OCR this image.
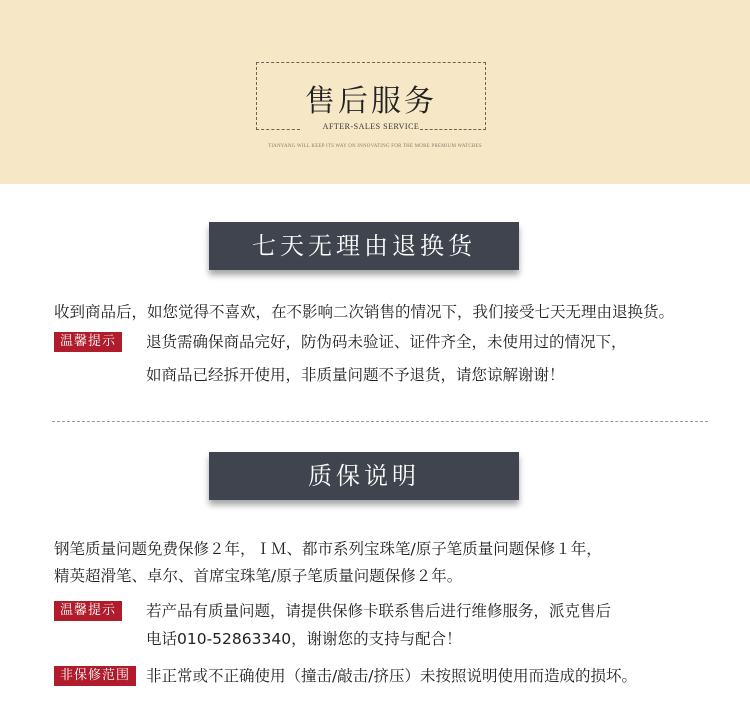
售后服务
AFTER-SALES SERVICE
TIANYANG WILL KEEP ITS WAY ON INNOVATING FOR THE MORE PREMIUM WATCHES
七天无理由退换货
收到商品后，如您觉得不喜欢，在不影响二次销售的情况下，我们接受七天无理由退换货。
温馨提示	退货需确保商品完好，防伪码未验证、证件齐全，未使用过的情况下，
如商品已经拆开使用，非质量问题不予退货，请您谅解谢谢！
质保说明
钢笔质量问题免费保修２年，ＩＭ、都市系列宝珠笔/原子笔质量问题保修１年，
精英超滑笔、卓尔、首席宝珠笔/原子笔质量问题保修２年。
温馨提示	若产品有质量问题，请提供保修卡联系售后进行维修服务，派克售后
电话010-52863340，谢谢您的支持与配合！
非保修范围	非正常或不正确使用（撞击/敲击/挤压）未按照说明使用而造成的损坏。
